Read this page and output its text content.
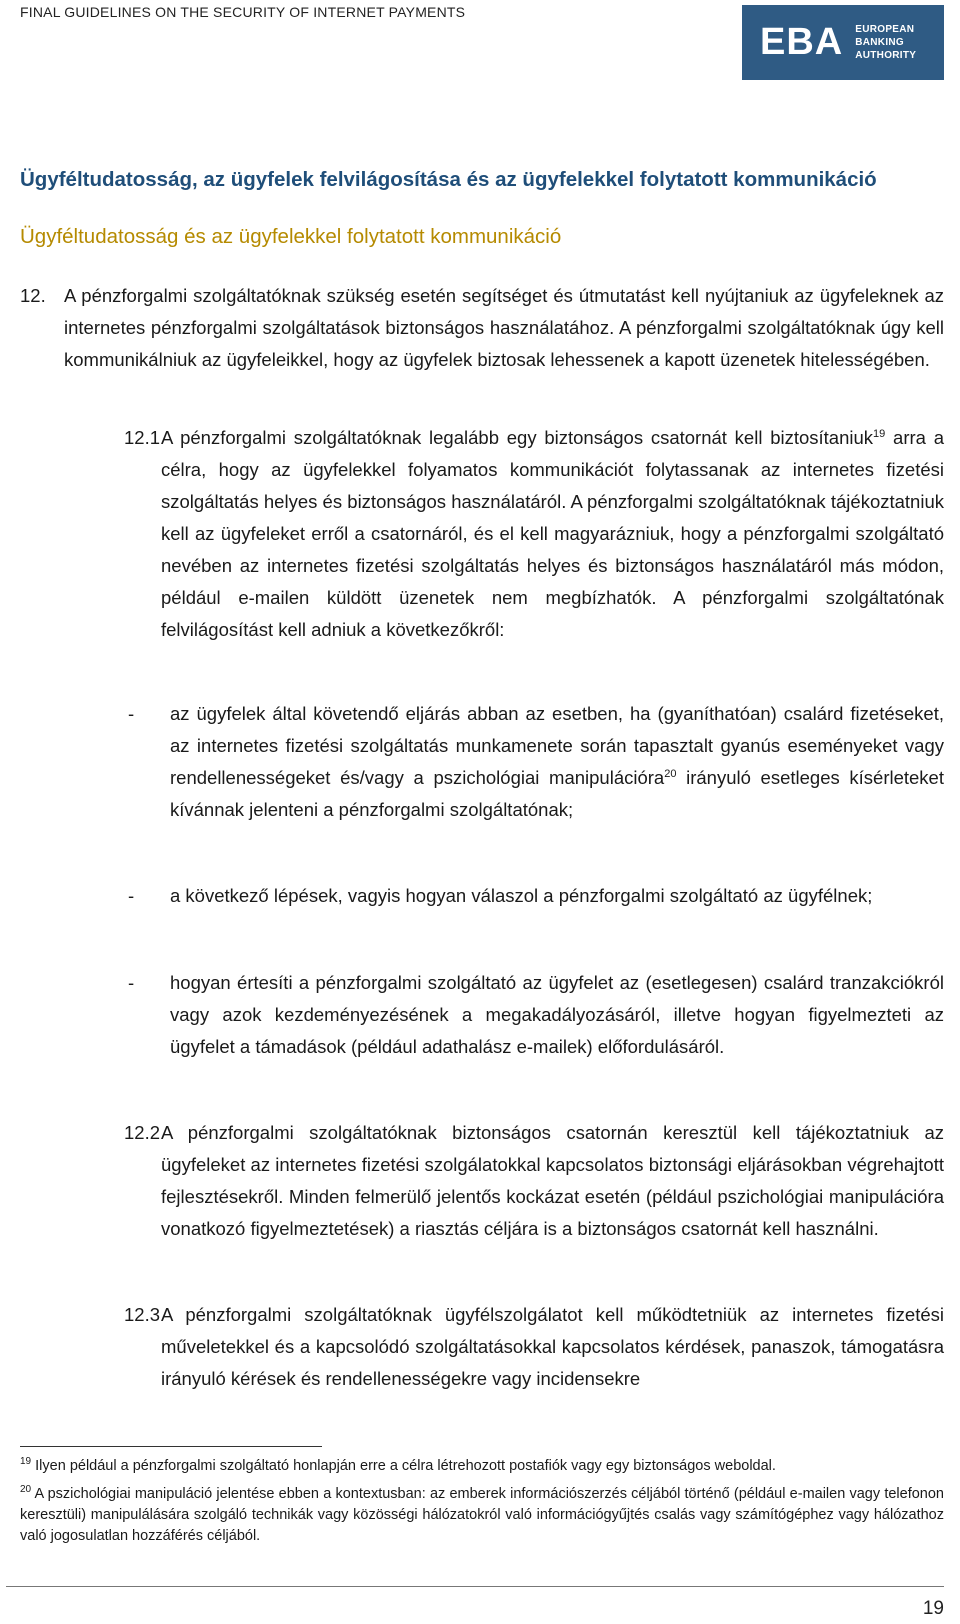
FINAL GUIDELINES ON THE SECURITY OF INTERNET PAYMENTS
EBA EUROPEAN
BANKING
AUTHORITY
Ügyféltudatosság, az ügyfelek felvilágosítása és az ügyfelekkel folytatott kommunikáció
Ügyféltudatosság és az ügyfelekkel folytatott kommunikáció
12. A pénzforgalmi szolgáltatóknak szükség esetén segítséget és útmutatást kell nyújtaniuk az ügyfeleknek az internetes pénzforgalmi szolgáltatások biztonságos használatához. A pénzforgalmi szolgáltatóknak úgy kell kommunikálniuk az ügyfeleikkel, hogy az ügyfelek biztosak lehessenek a kapott üzenetek hitelességében.
12.1 A pénzforgalmi szolgáltatóknak legalább egy biztonságos csatornát kell biztosítaniuk$^{19}$ arra a célra, hogy az ügyfelekkel folyamatos kommunikációt folytassanak az internetes fizetési szolgáltatás helyes és biztonságos használatáról. A pénzforgalmi szolgáltatóknak tájékoztatniuk kell az ügyfeleket erről a csatornáról, és el kell magyarázniuk, hogy a pénzforgalmi szolgáltató nevében az internetes fizetési szolgáltatás helyes és biztonságos használatáról más módon, például e-mailen küldött üzenetek nem megbízhatók. A pénzforgalmi szolgáltatónak felvilágosítást kell adniuk a következőkről:
- az ügyfelek által követendő eljárás abban az esetben, ha (gyaníthatóan) csalárd fizetéseket, az internetes fizetési szolgáltatás munkamenete során tapasztalt gyanús eseményeket vagy rendellenességeket és/vagy a pszichológiai manipulációra$^{20}$ irányuló esetleges kísérleteket kívánnak jelenteni a pénzforgalmi szolgáltatónak;
- a következő lépések, vagyis hogyan válaszol a pénzforgalmi szolgáltató az ügyfélnek;
- hogyan értesíti a pénzforgalmi szolgáltató az ügyfelet az (esetlegesen) csalárd tranzakciókról vagy azok kezdeményezésének a megakadályozásáról, illetve hogyan figyelmezteti az ügyfelet a támadások (például adathalász e-mailek) előfordulásáról.
12.2 A pénzforgalmi szolgáltatóknak biztonságos csatornán keresztül kell tájékoztatniuk az ügyfeleket az internetes fizetési szolgálatokkal kapcsolatos biztonsági eljárásokban végrehajtott fejlesztésekről. Minden felmerülő jelentős kockázat esetén (például pszichológiai manipulációra vonatkozó figyelmeztetések) a riasztás céljára is a biztonságos csatornát kell használni.
12.3 A pénzforgalmi szolgáltatóknak ügyfélszolgálatot kell működtetniük az internetes fizetési műveletekkel és a kapcsolódó szolgáltatásokkal kapcsolatos kérdések, panaszok, támogatásra irányuló kérések és rendellenességekre vagy incidensekre
$^{19}$ Ilyen például a pénzforgalmi szolgáltató honlapján erre a célra létrehozott postafiók vagy egy biztonságos weboldal.
$^{20}$ A pszichológiai manipuláció jelentése ebben a kontextusban: az emberek információszerzés céljából történő (például e-mailen vagy telefonon keresztüli) manipulálására szolgáló technikák vagy közösségi hálózatokról való információgyűjtés csalás vagy számítógéphez vagy hálózathoz való jogosulatlan hozzáférés céljából.
19
